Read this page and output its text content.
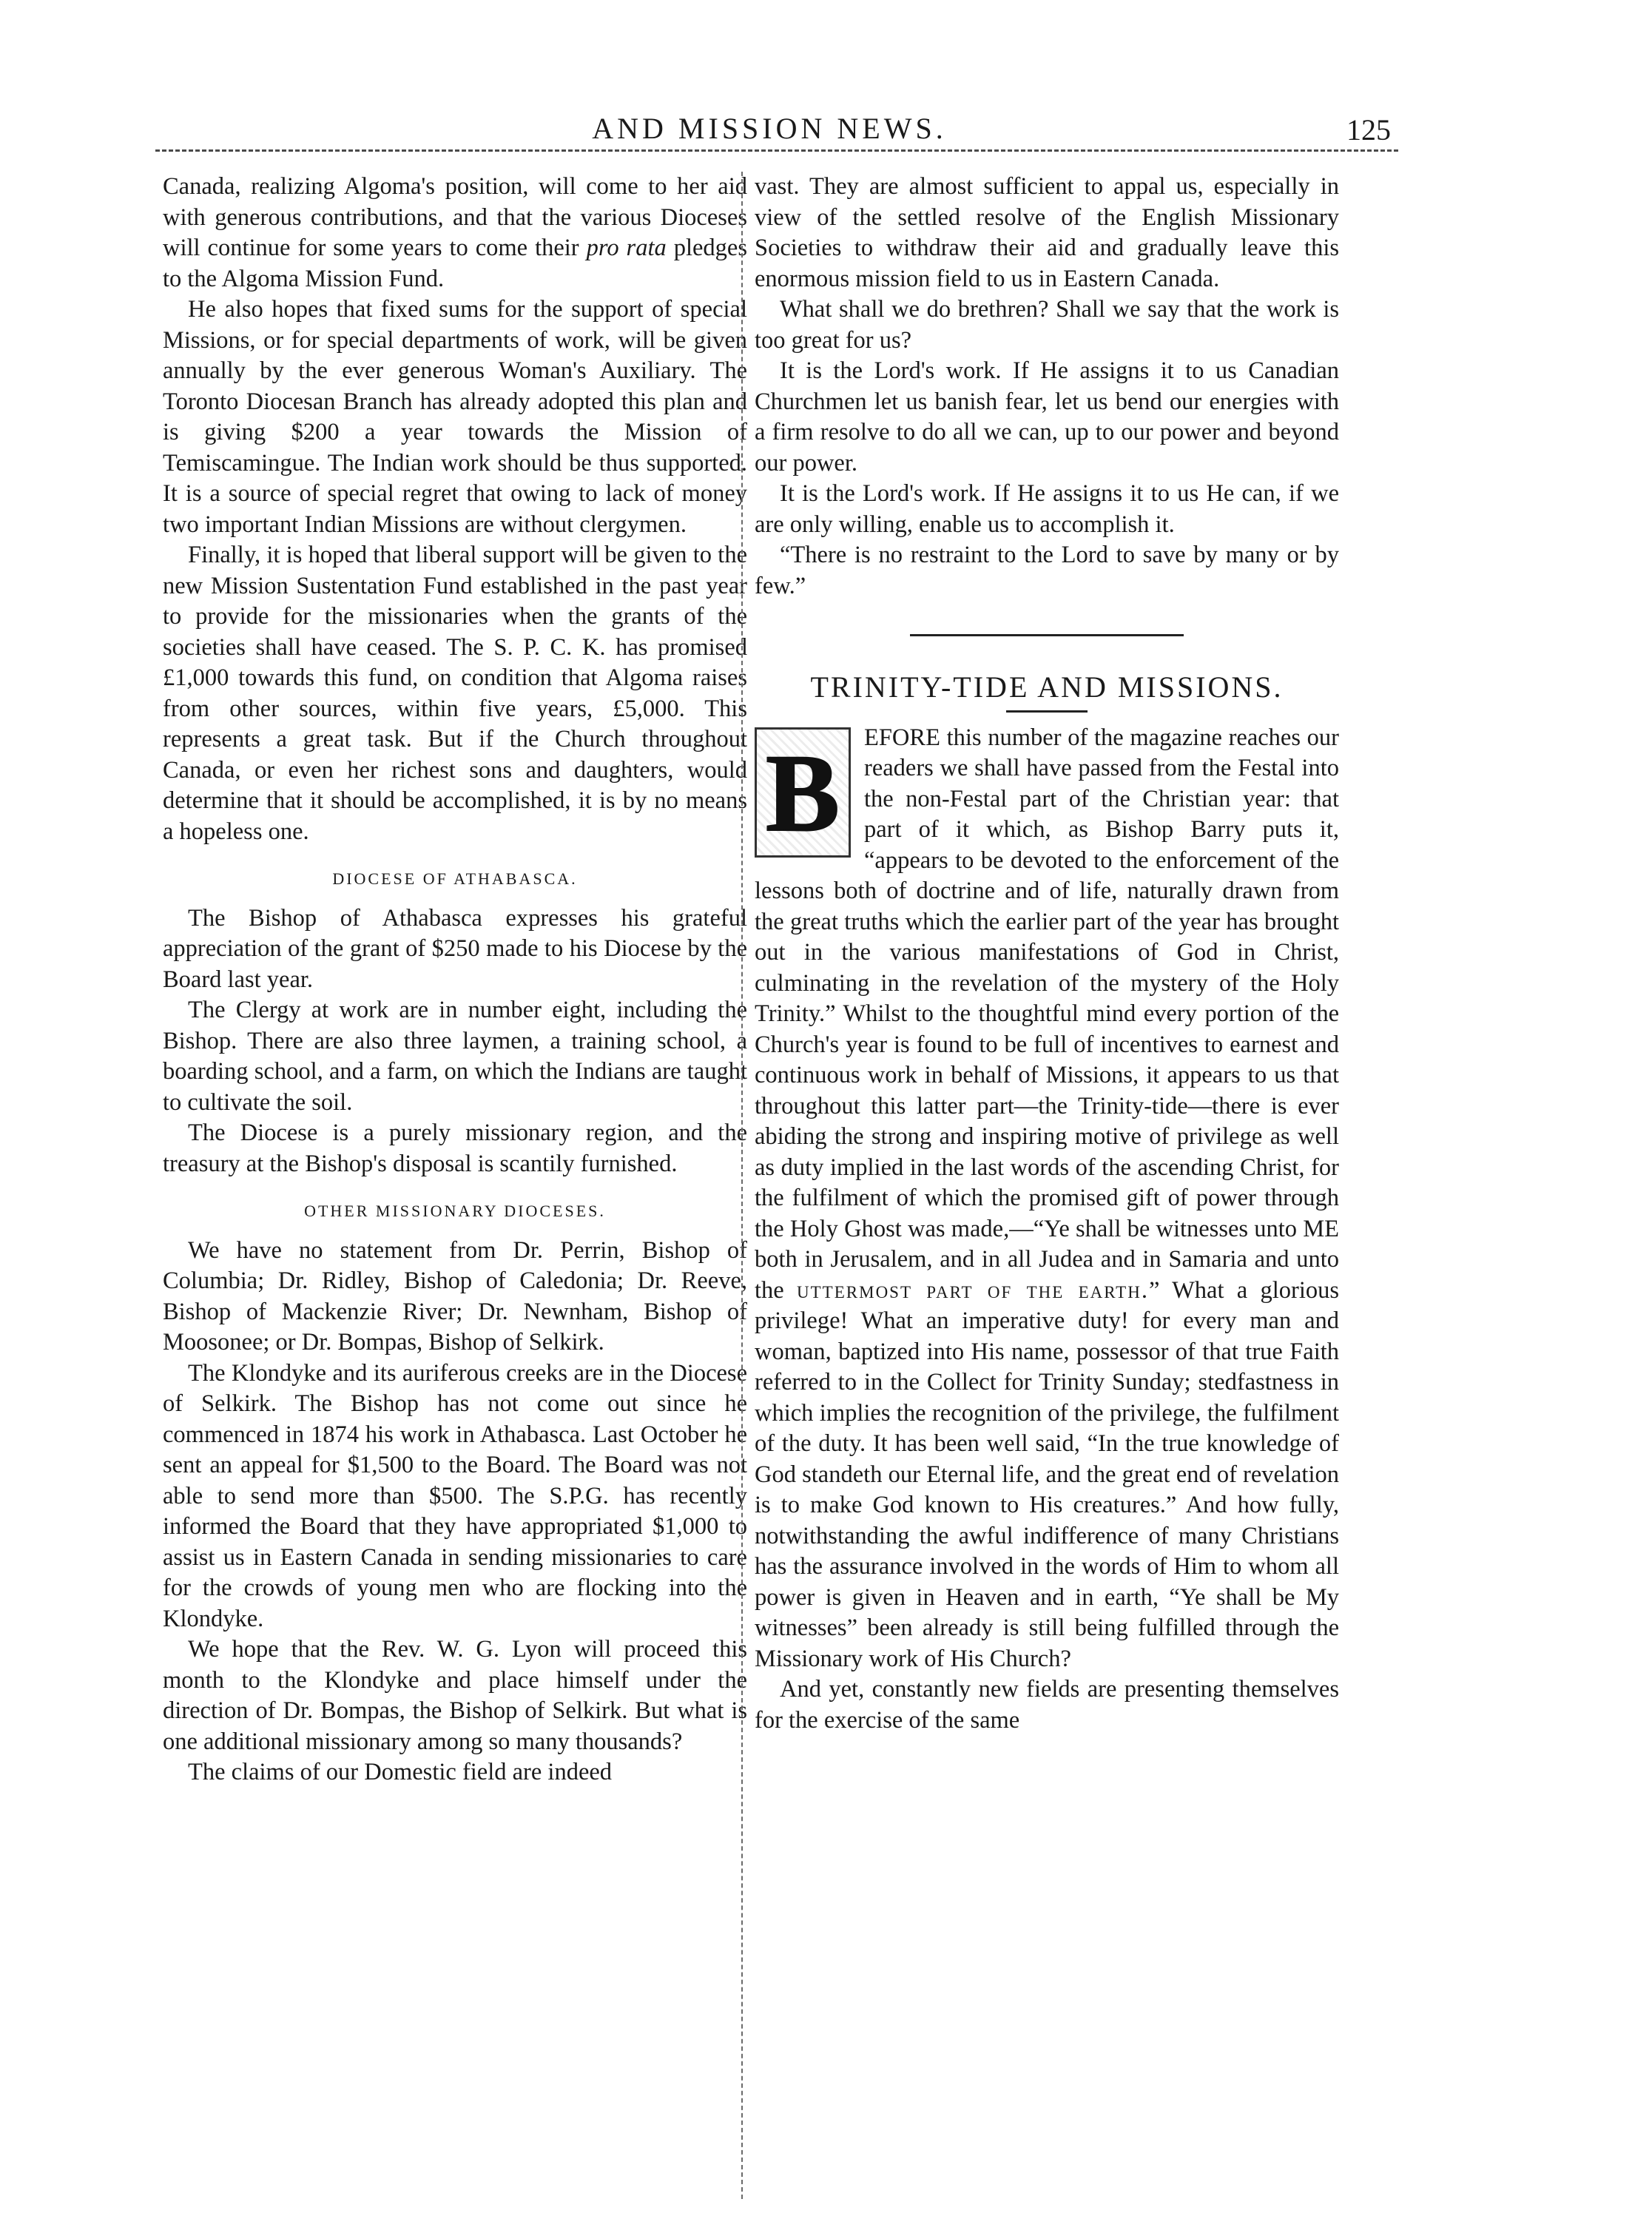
AND MISSION NEWS.	125

Canada, realizing Algoma's position, will come to her aid with generous contributions, and that the various Dioceses will continue for some years to come their pro rata pledges to the Algoma Mission Fund.

He also hopes that fixed sums for the support of special Missions, or for special departments of work, will be given annually by the ever generous Woman's Auxiliary. The Toronto Diocesan Branch has already adopted this plan and is giving $200 a year towards the Mission of Temiscamingue. The Indian work should be thus supported. It is a source of special regret that owing to lack of money two important Indian Missions are without clergymen.

Finally, it is hoped that liberal support will be given to the new Mission Sustentation Fund established in the past year to provide for the missionaries when the grants of the societies shall have ceased. The S. P. C. K. has promised £1,000 towards this fund, on condition that Algoma raises from other sources, within five years, £5,000. This represents a great task. But if the Church throughout Canada, or even her richest sons and daughters, would determine that it should be accomplished, it is by no means a hopeless one.

DIOCESE OF ATHABASCA.

The Bishop of Athabasca expresses his grateful appreciation of the grant of $250 made to his Diocese by the Board last year.

The Clergy at work are in number eight, including the Bishop. There are also three laymen, a training school, a boarding school, and a farm, on which the Indians are taught to cultivate the soil.

The Diocese is a purely missionary region, and the treasury at the Bishop's disposal is scantily furnished.

OTHER MISSIONARY DIOCESES.

We have no statement from Dr. Perrin, Bishop of Columbia; Dr. Ridley, Bishop of Caledonia; Dr. Reeve, Bishop of Mackenzie River; Dr. Newnham, Bishop of Moosonee; or Dr. Bompas, Bishop of Selkirk.

The Klondyke and its auriferous creeks are in the Diocese of Selkirk. The Bishop has not come out since he commenced in 1874 his work in Athabasca. Last October he sent an appeal for $1,500 to the Board. The Board was not able to send more than $500. The S.P.G. has recently informed the Board that they have appropriated $1,000 to assist us in Eastern Canada in sending missionaries to care for the crowds of young men who are flocking into the Klondyke.

We hope that the Rev. W. G. Lyon will proceed this month to the Klondyke and place himself under the direction of Dr. Bompas, the Bishop of Selkirk. But what is one additional missionary among so many thousands?

The claims of our Domestic field are indeed

vast. They are almost sufficient to appal us, especially in view of the settled resolve of the English Missionary Societies to withdraw their aid and gradually leave this enormous mission field to us in Eastern Canada.

What shall we do brethren? Shall we say that the work is too great for us?

It is the Lord's work. If He assigns it to us Canadian Churchmen let us banish fear, let us bend our energies with a firm resolve to do all we can, up to our power and beyond our power.

It is the Lord's work. If He assigns it to us He can, if we are only willing, enable us to accomplish it.

“There is no restraint to the Lord to save by many or by few.”

TRINITY-TIDE AND MISSIONS.
B	EFORE this number of the magazine reaches our readers we shall have passed from the Festal into the non-Festal part of the Christian year: that part of it which, as Bishop Barry puts it, “appears to be devoted to the enforcement of the lessons both of doctrine and of life, naturally drawn from the great truths which the earlier part of the year has brought out in the various manifestations of God in Christ, culminating in the revelation of the mystery of the Holy Trinity.” Whilst to the thoughtful mind every portion of the Church's year is found to be full of incentives to earnest and continuous work in behalf of Missions, it appears to us that throughout this latter part—the Trinity-tide—there is ever abiding the strong and inspiring motive of privilege as well as duty implied in the last words of the ascending Christ, for the fulfilment of which the promised gift of power through the Holy Ghost was made,—“Ye shall be witnesses unto ME both in Jerusalem, and in all Judea and in Samaria and unto the uttermost part of the earth.” What a glorious privilege! What an imperative duty! for every man and woman, baptized into His name, possessor of that true Faith referred to in the Collect for Trinity Sunday; stedfastness in which implies the recognition of the privilege, the fulfilment of the duty. It has been well said, “In the true knowledge of God standeth our Eternal life, and the great end of revelation is to make God known to His creatures.” And how fully, notwithstanding the awful indifference of many Christians has the assurance involved in the words of Him to whom all power is given in Heaven and in earth, “Ye shall be My witnesses” been already is still being fulfilled through the Missionary work of His Church?

And yet, constantly new fields are presenting themselves for the exercise of the same
